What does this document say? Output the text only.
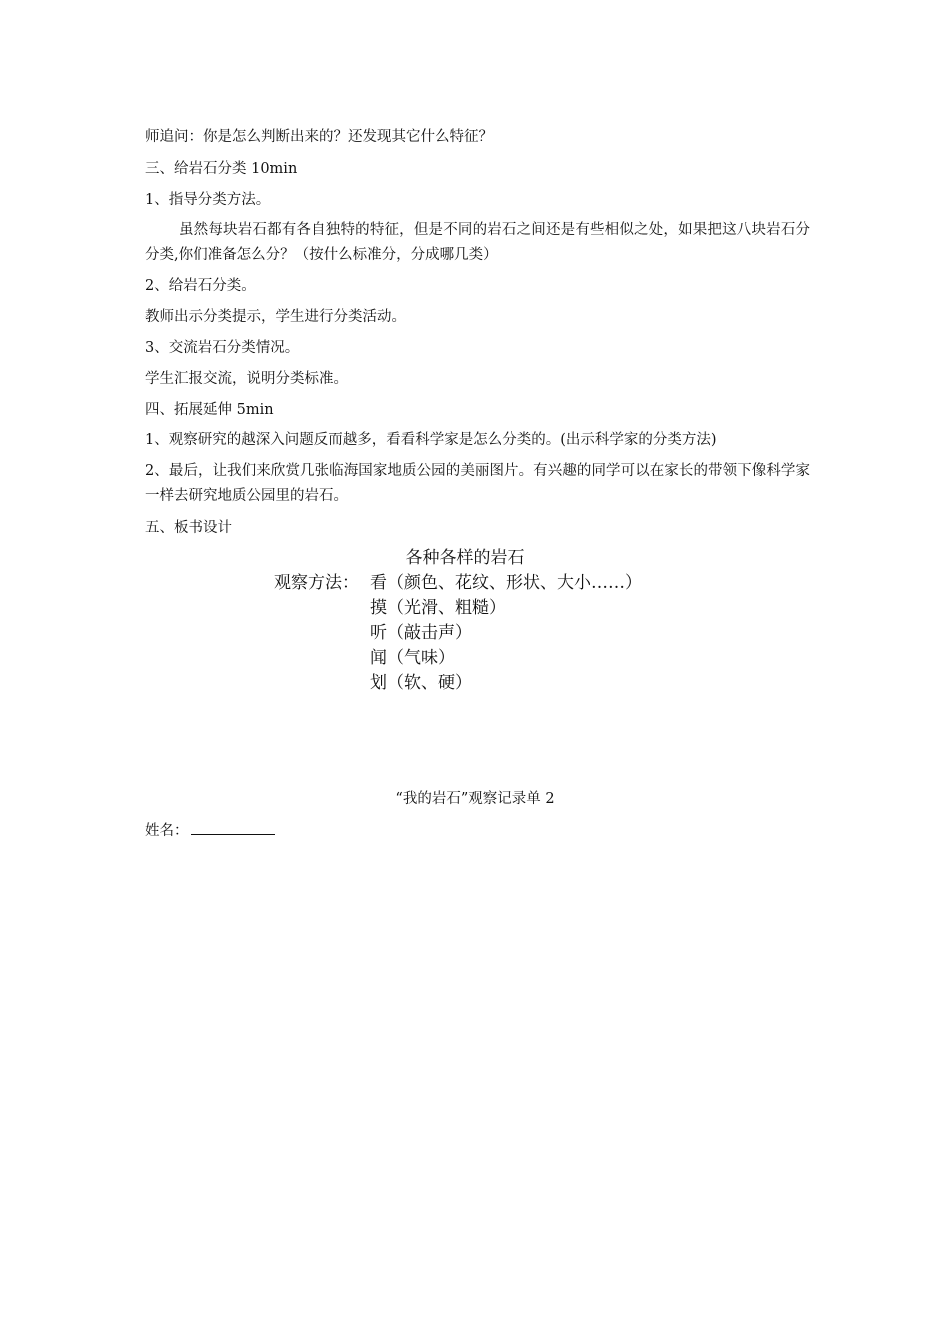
师追问：你是怎么判断出来的？还发现其它什么特征？
三、给岩石分类 10min
1、指导分类方法。
虽然每块岩石都有各自独特的特征，但是不同的岩石之间还是有些相似之处，如果把这八块岩石分分类,你们准备怎么分？（按什么标准分，分成哪几类）
2、给岩石分类。
教师出示分类提示，学生进行分类活动。
3、交流岩石分类情况。
学生汇报交流，说明分类标准。
四、拓展延伸 5min
1、观察研究的越深入问题反而越多，看看科学家是怎么分类的。(出示科学家的分类方法)
2、最后，让我们来欣赏几张临海国家地质公园的美丽图片。有兴趣的同学可以在家长的带领下像科学家一样去研究地质公园里的岩石。
五、板书设计
各种各样的岩石
观察方法： 看（颜色、花纹、形状、大小……）
摸（光滑、粗糙）
听（敲击声）
闻（气味）
划（软、硬）
“我的岩石”观察记录单 2
姓名：
